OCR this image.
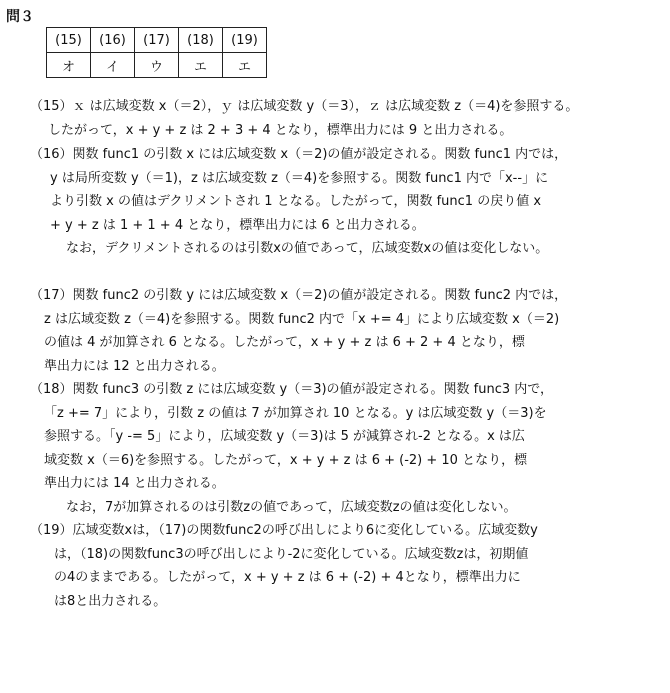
問３
(15)	(16)	(17)	(18)	(19)
オ	イ	ウ	エ	エ
（15）ｘ は広域変数 x（＝2），ｙ は広域変数 y（＝3），ｚ は広域変数 z（＝4)を参照する。
したがって，x + y + z は 2 + 3 + 4 となり，標準出力には 9 と出力される。
（16）関数 func1 の引数 x には広域変数 x（＝2)の値が設定される。関数 func1 内では，
y は局所変数 y（＝1)，z は広域変数 z（＝4)を参照する。関数 func1 内で「x--」に
より引数 x の値はデクリメントされ 1 となる。したがって，関数 func1 の戻り値 x
+ y + z は 1 + 1 + 4 となり，標準出力には 6 と出力される。
なお，デクリメントされるのは引数xの値であって，広域変数xの値は変化しない。
（17）関数 func2 の引数 y には広域変数 x（＝2)の値が設定される。関数 func2 内では，
z は広域変数 z（＝4)を参照する。関数 func2 内で「x += 4」により広域変数 x（＝2)
の値は 4 が加算され 6 となる。したがって，x + y + z は 6 + 2 + 4 となり，標
準出力には 12 と出力される。
（18）関数 func3 の引数 z には広域変数 y（＝3)の値が設定される。関数 func3 内で，
「z += 7」により，引数 z の値は 7 が加算され 10 となる。y は広域変数 y（＝3)を
参照する。「y -= 5」により，広域変数 y（＝3)は 5 が減算され-2 となる。x は広
域変数 x（＝6)を参照する。したがって，x + y + z は 6 + (-2) + 10 となり，標
準出力には 14 と出力される。
なお，7が加算されるのは引数zの値であって，広域変数zの値は変化しない。
（19）広域変数xは，（17)の関数func2の呼び出しにより6に変化している。広域変数y
は，（18)の関数func3の呼び出しにより-2に変化している。広域変数zは，初期値
の4のままである。したがって，x + y + z は 6 + (-2) + 4となり，標準出力に
は8と出力される。
